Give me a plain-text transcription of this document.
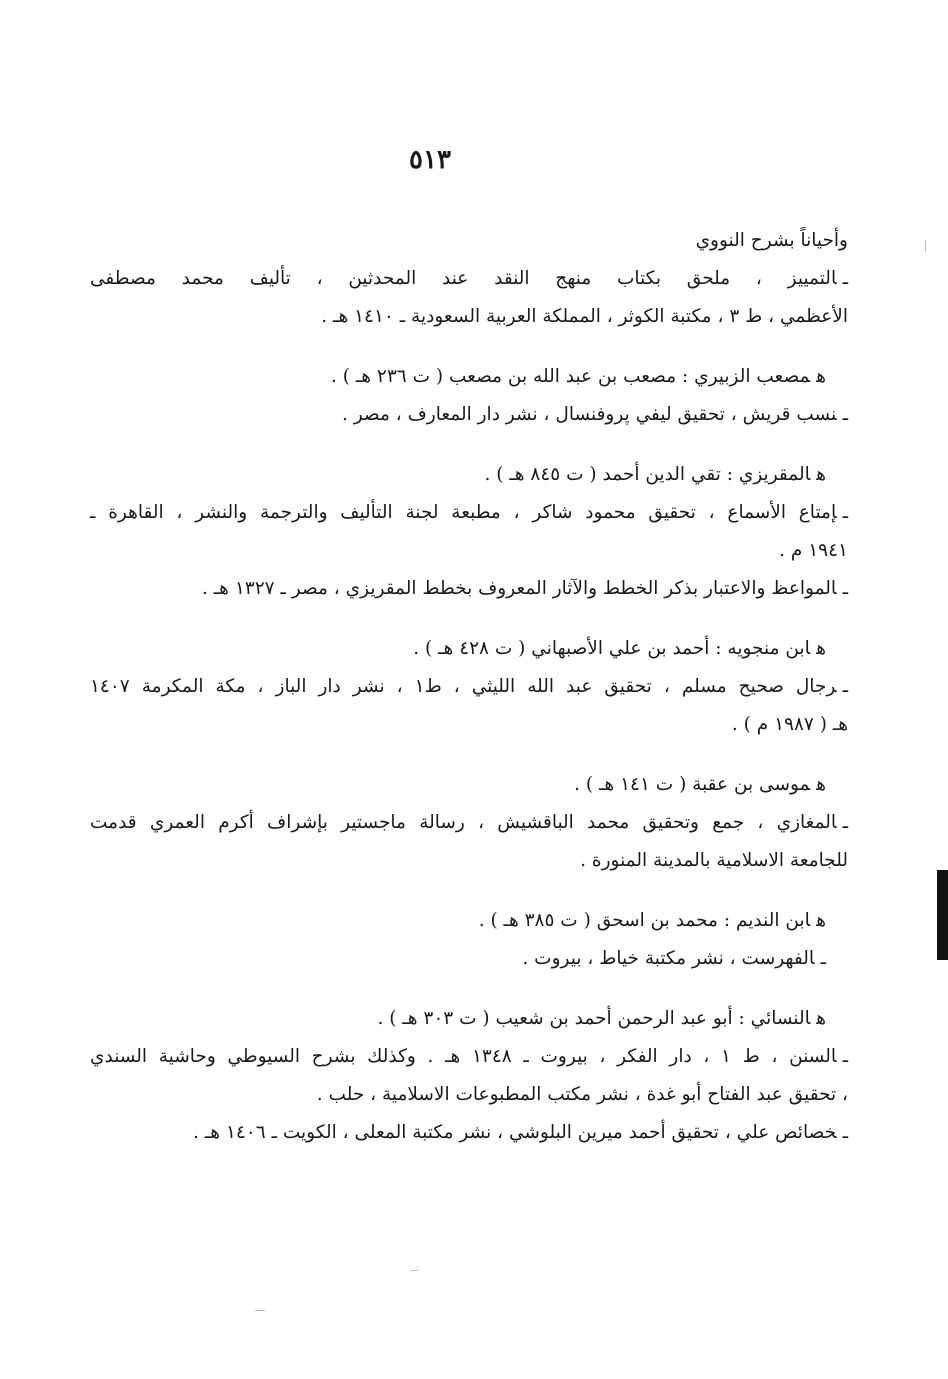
٥١٣
وأحياناً بشرح النووي
ـالتمييز ، ملحق بكتاب منهج النقد عند المحدثين ، تأليف محمد مصطفى
الأعظمي ، ط ٣ ، مكتبة الكوثر ، المملكة العربية السعودية ـ ١٤١٠ هـ .
همصعب الزبيري : مصعب بن عبد الله بن مصعب ( ت ٢٣٦ هـ ) .
ـنسب قريش ، تحقيق ليفي پروفنسال ، نشر دار المعارف ، مصر .
هالمقريزي : تقي الدين أحمد ( ت ٨٤٥ هـ ) .
ـإمتاع الأسماع ، تحقيق محمود شاكر ، مطبعة لجنة التأليف والترجمة والنشر ، القاهرة ـ
١٩٤١ م .
ـالمواعظ والاعتبار بذكر الخطط والآثار المعروف بخطط المقريزي ، مصر ـ ١٣٢٧ هـ .
هابن منجويه : أحمد بن علي الأصبهاني ( ت ٤٢٨ هـ ) .
ـرجال صحيح مسلم ، تحقيق عبد الله الليثي ، ط١ ، نشر دار الباز ، مكة المكرمة ١٤٠٧
هـ ( ١٩٨٧ م ) .
هموسى بن عقبة ( ت ١٤١ هـ ) .
ـالمغازي ، جمع وتحقيق محمد الباقشيش ، رسالة ماجستير بإشراف أكرم العمري قدمت
للجامعة الاسلامية بالمدينة المنورة .
هابن النديم : محمد بن اسحق ( ت ٣٨٥ هـ ) .
ـالفهرست ، نشر مكتبة خياط ، بيروت .
هالنسائي : أبو عبد الرحمن أحمد بن شعيب ( ت ٣٠٣ هـ ) .
ـالسنن ، ط ١ ، دار الفكر ، بيروت ـ ١٣٤٨ هـ . وكذلك بشرح السيوطي وحاشية السندي
، تحقيق عبد الفتاح أبو غدة ، نشر مكتب المطبوعات الاسلامية ، حلب .
ـخصائص علي ، تحقيق أحمد ميرين البلوشي ، نشر مكتبة المعلى ، الكويت ـ ١٤٠٦ هـ .
